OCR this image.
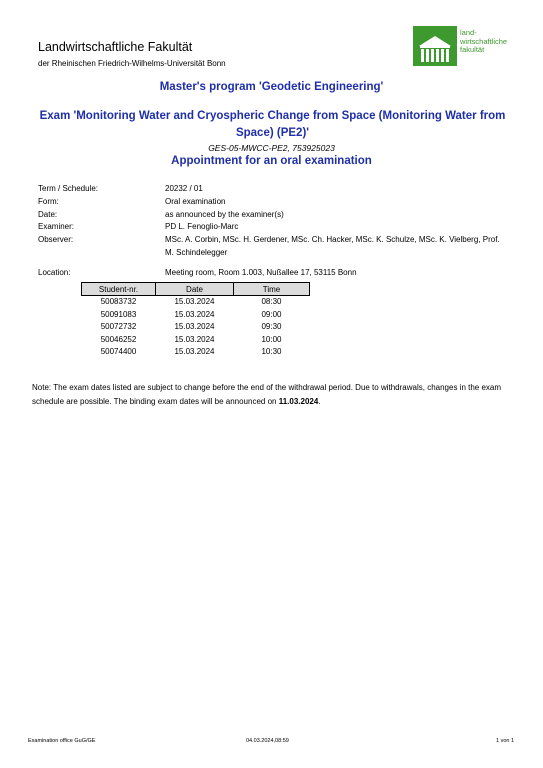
Landwirtschaftliche Fakultät
der Rheinischen Friedrich-Wilhelms-Universität Bonn
land-
wirtschaftliche
fakultät
Master's program 'Geodetic Engineering'
Exam 'Monitoring Water and Cryospheric Change from Space (Monitoring Water from Space) (PE2)'
GES-05-MWCC-PE2, 753925023
Appointment for an oral examination
Term / Schedule:	20232 / 01
Form:	Oral examination
Date:	as announced by the examiner(s)
Examiner:	PD L. Fenoglio-Marc
Observer:	MSc. A. Corbin, MSc. H. Gerdener, MSc. Ch. Hacker, MSc. K. Schulze, MSc. K. Vielberg, Prof. M. Schindelegger
Location:	Meeting room, Room 1.003, Nußallee 17, 53115 Bonn
Student-nr.	Date	Time
50083732	15.03.2024	08:30
50091083	15.03.2024	09:00
50072732	15.03.2024	09:30
50046252	15.03.2024	10:00
50074400	15.03.2024	10:30
Note: The exam dates listed are subject to change before the end of the withdrawal period. Due to withdrawals, changes in the exam schedule are possible. The binding exam dates will be announced on 11.03.2024.
Examination office GuG/GE	04.03.2024,08:59	1 von 1
